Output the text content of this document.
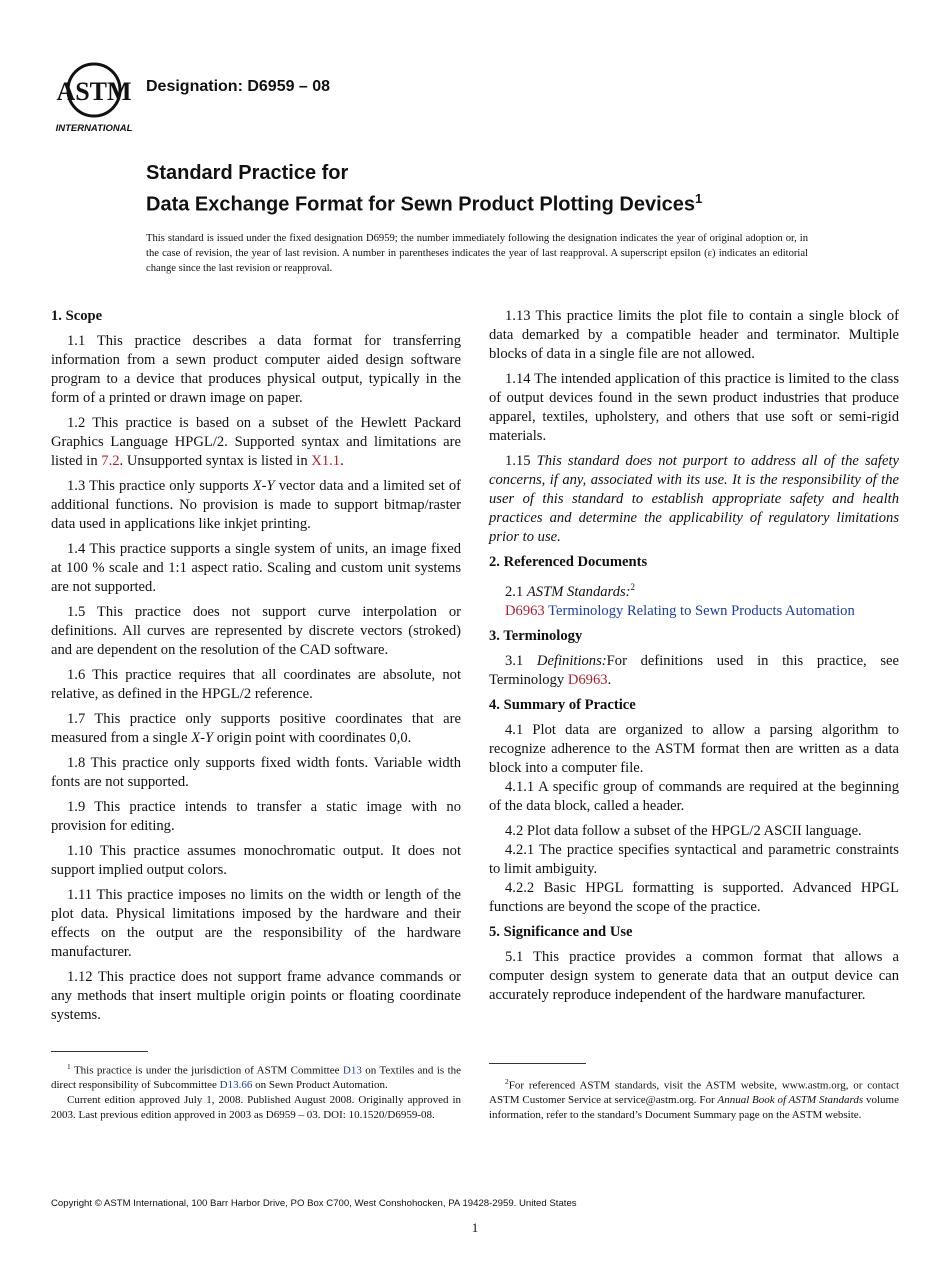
ASTM
INTERNATIONAL
Designation: D6959 – 08
Standard Practice for
Data Exchange Format for Sewn Product Plotting Devices$^1$
This standard is issued under the fixed designation D6959; the number immediately following the designation indicates the year of original adoption or, in the case of revision, the year of last revision. A number in parentheses indicates the year of last reapproval. A superscript epsilon (ε) indicates an editorial change since the last revision or reapproval.
1. Scope

1.1 This practice describes a data format for transferring information from a sewn product computer aided design software program to a device that produces physical output, typically in the form of a printed or drawn image on paper.

1.2 This practice is based on a subset of the Hewlett Packard Graphics Language HPGL/2. Supported syntax and limitations are listed in 7.2. Unsupported syntax is listed in X1.1.

1.3 This practice only supports X-Y vector data and a limited set of additional functions. No provision is made to support bitmap/raster data used in applications like inkjet printing.

1.4 This practice supports a single system of units, an image fixed at 100 % scale and 1:1 aspect ratio. Scaling and custom unit systems are not supported.

1.5 This practice does not support curve interpolation or definitions. All curves are represented by discrete vectors (stroked) and are dependent on the resolution of the CAD software.

1.6 This practice requires that all coordinates are absolute, not relative, as defined in the HPGL/2 reference.

1.7 This practice only supports positive coordinates that are measured from a single X-Y origin point with coordinates 0,0.

1.8 This practice only supports fixed width fonts. Variable width fonts are not supported.

1.9 This practice intends to transfer a static image with no provision for editing.

1.10 This practice assumes monochromatic output. It does not support implied output colors.

1.11 This practice imposes no limits on the width or length of the plot data. Physical limitations imposed by the hardware and their effects on the output are the responsibility of the hardware manufacturer.

1.12 This practice does not support frame advance commands or any methods that insert multiple origin points or floating coordinate systems.

1.13 This practice limits the plot file to contain a single block of data demarked by a compatible header and terminator. Multiple blocks of data in a single file are not allowed.

1.14 The intended application of this practice is limited to the class of output devices found in the sewn product industries that produce apparel, textiles, upholstery, and others that use soft or semi-rigid materials.

1.15 This standard does not purport to address all of the safety concerns, if any, associated with its use. It is the responsibility of the user of this standard to establish appropriate safety and health practices and determine the applicability of regulatory limitations prior to use.

2. Referenced Documents

2.1 ASTM Standards:$^2$

D6963 Terminology Relating to Sewn Products Automation

3. Terminology

3.1 Definitions:For definitions used in this practice, see Terminology D6963.

4. Summary of Practice

4.1 Plot data are organized to allow a parsing algorithm to recognize adherence to the ASTM format then are written as a data block into a computer file.

4.1.1 A specific group of commands are required at the beginning of the data block, called a header.

4.2 Plot data follow a subset of the HPGL/2 ASCII language.

4.2.1 The practice specifies syntactical and parametric constraints to limit ambiguity.

4.2.2 Basic HPGL formatting is supported. Advanced HPGL functions are beyond the scope of the practice.

5. Significance and Use

5.1 This practice provides a common format that allows a computer design system to generate data that an output device can accurately reproduce independent of the hardware manufacturer.

$^1$ This practice is under the jurisdiction of ASTM Committee D13 on Textiles and is the direct responsibility of Subcommittee D13.66 on Sewn Product Automation.

Current edition approved July 1, 2008. Published August 2008. Originally approved in 2003. Last previous edition approved in 2003 as D6959 – 03. DOI: 10.1520/D6959-08.

$^2$For referenced ASTM standards, visit the ASTM website, www.astm.org, or contact ASTM Customer Service at service@astm.org. For Annual Book of ASTM Standards volume information, refer to the standard’s Document Summary page on the ASTM website.

Copyright © ASTM International, 100 Barr Harbor Drive, PO Box C700, West Conshohocken, PA 19428-2959. United States
1
